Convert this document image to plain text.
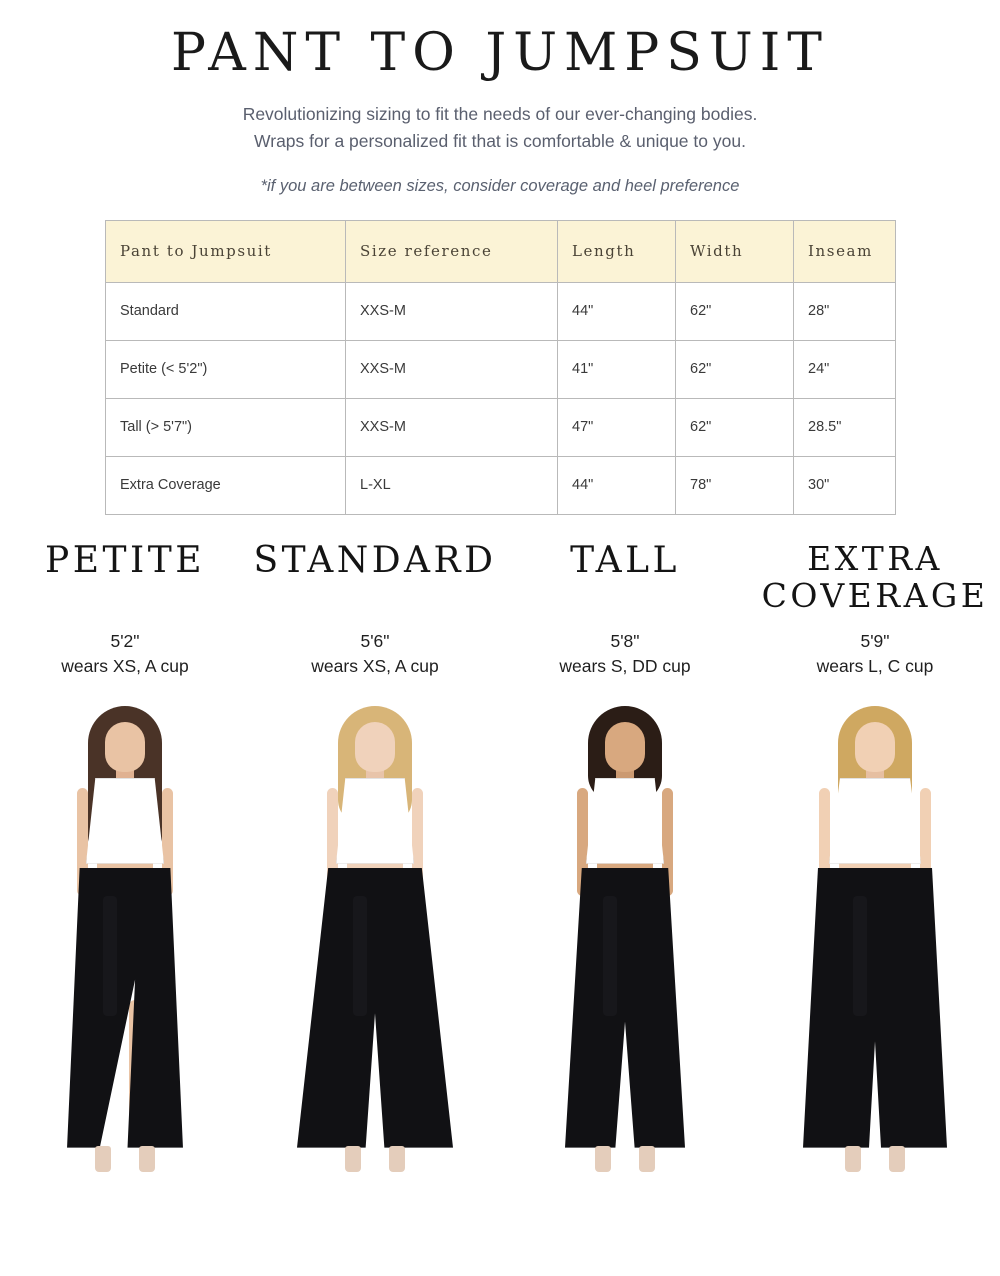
PANT TO JUMPSUIT
Revolutionizing sizing to fit the needs of our ever-changing bodies.
Wraps for a personalized fit that is comfortable & unique to you.
*if you are between sizes, consider coverage and heel preference
Pant to Jumpsuit	Size reference	Length	Width	Inseam
Standard	XXS-M	44"	62"	28"
Petite (< 5'2")	XXS-M	41"	62"	24"
Tall (> 5'7")	XXS-M	47"	62"	28.5"
Extra Coverage	L-XL	44"	78"	30"
PETITE
5'2"
wears XS, A cup
STANDARD
5'6"
wears XS, A cup
TALL
5'8"
wears S, DD cup
EXTRA COVERAGE
5'9"
wears L, C cup
